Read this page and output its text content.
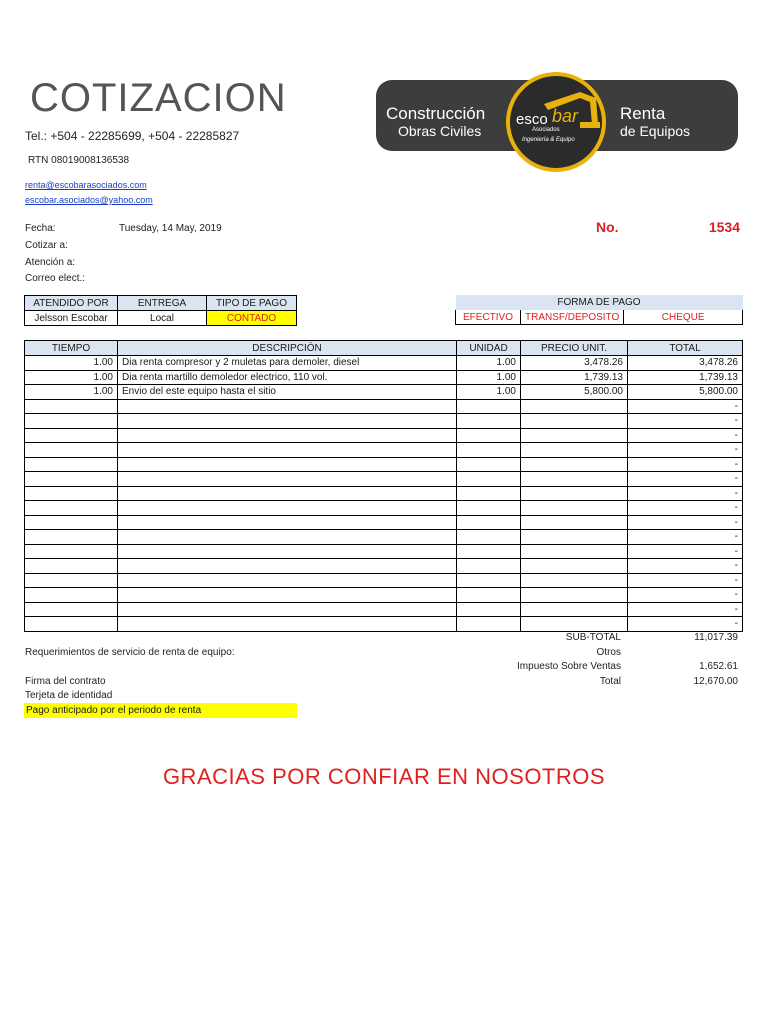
COTIZACION
Tel.: +504 - 22285699, +504 - 22285827
RTN 08019008136538
renta@escobarasociados.com
escobar.asociados@yahoo.com
Construcción
Obras Civiles
Renta
de Equipos
esco bar
Asociados
Ingeniería & Equipo
Fecha:	Tuesday, 14 May, 2019
Cotizar a:
Atención a:
Correo elect.:
No.	1534
ATENDIDO POR	ENTREGA	TIPO DE PAGO
Jelsson Escobar	Local	CONTADO
FORMA DE PAGO
EFECTIVO	TRANSF/DEPOSITO	CHEQUE
TIEMPO	DESCRIPCIÓN	UNIDAD	PRECIO UNIT.	TOTAL
1.00	Dia renta compresor y 2 muletas para demoler, diesel	1.00	3,478.26	3,478.26
1.00	Dia renta martillo demoledor electrico, 110 vol.	1.00	1,739.13	1,739.13
1.00	Envio del este equipo hasta el sitio	1.00	5,800.00	5,800.00
				-
				-
				-
				-
				-
				-
				-
				-
				-
				-
				-
				-
				-
				-
				-
				-
SUB-TOTAL	11,017.39
Otros
Impuesto Sobre Ventas	1,652.61
Total	12,670.00
Requerimientos de servicio de renta de equipo:
Firma del contrato
Terjeta de identidad
Pago anticipado por el periodo de renta
GRACIAS POR CONFIAR EN NOSOTROS
